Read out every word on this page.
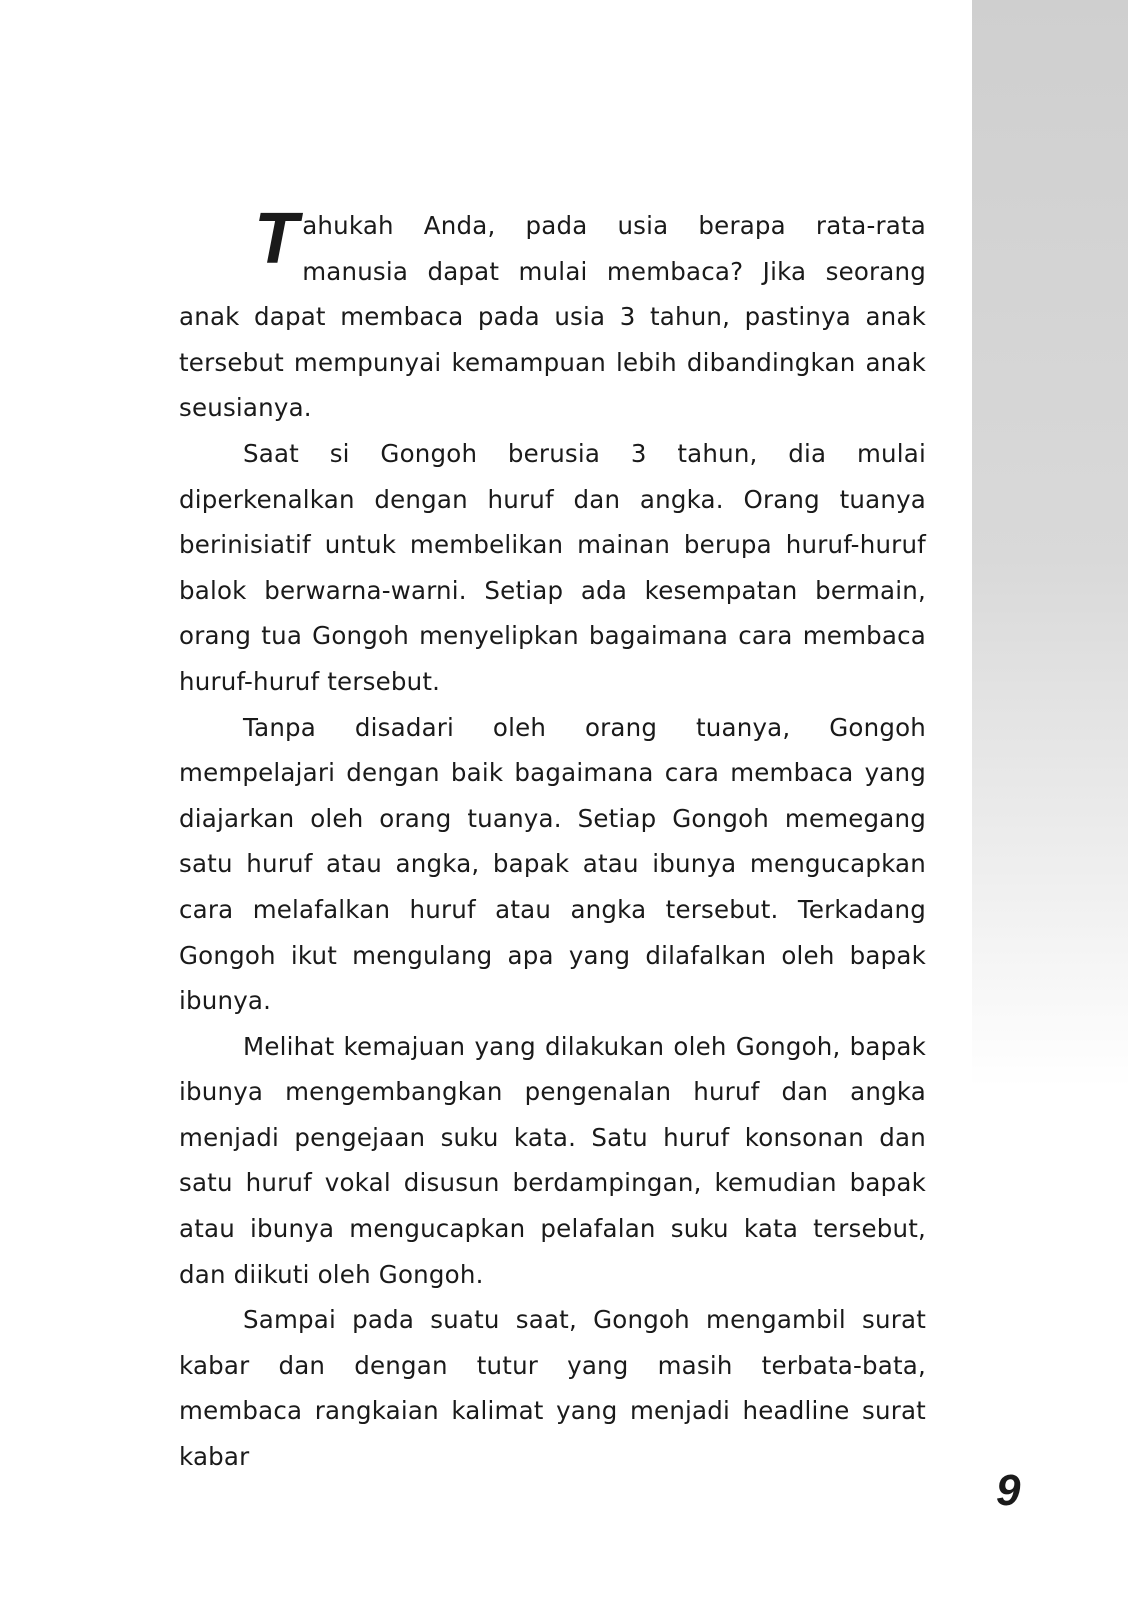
Tahukah Anda, pada usia berapa rata-rata manusia dapat mulai membaca? Jika seorang anak dapat membaca pada usia 3 tahun, pastinya anak tersebut mempunyai kemampuan lebih dibandingkan anak seusianya.

Saat si Gongoh berusia 3 tahun, dia mulai diperkenalkan dengan huruf dan angka. Orang tuanya berinisiatif untuk membelikan mainan berupa huruf-huruf balok berwarna-warni. Setiap ada kesempatan bermain, orang tua Gongoh menyelipkan bagaimana cara membaca huruf-huruf tersebut.

Tanpa disadari oleh orang tuanya, Gongoh mempelajari dengan baik bagaimana cara membaca yang diajarkan oleh orang tuanya. Setiap Gongoh memegang satu huruf atau angka, bapak atau ibunya mengucapkan cara melafalkan huruf atau angka tersebut. Terkadang Gongoh ikut mengulang apa yang dilafalkan oleh bapak ibunya.

Melihat kemajuan yang dilakukan oleh Gongoh, bapak ibunya mengembangkan pengenalan huruf dan angka menjadi pengejaan suku kata. Satu huruf konsonan dan satu huruf vokal disusun berdampingan, kemudian bapak atau ibunya mengucapkan pelafalan suku kata tersebut, dan diikuti oleh Gongoh.

Sampai pada suatu saat, Gongoh mengambil surat kabar dan dengan tutur yang masih terbata-bata, membaca rangkaian kalimat yang menjadi headline surat kabar

9
